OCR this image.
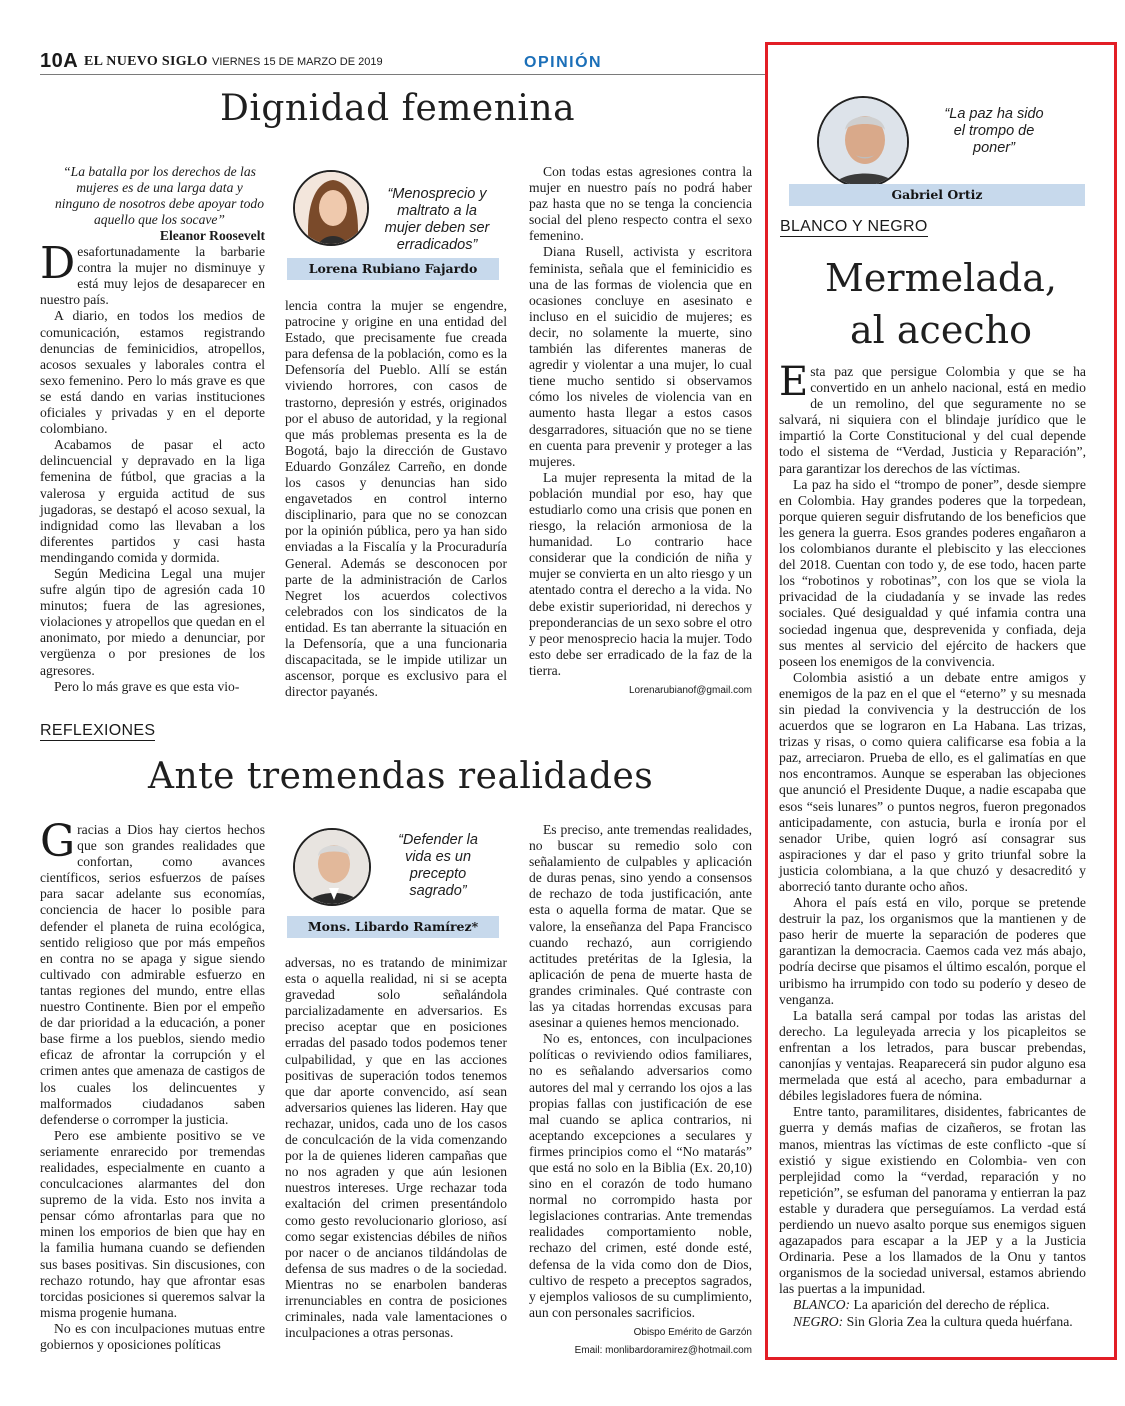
10A EL NUEVO SIGLO VIERNES 15 DE MARZO DE 2019	OPINIÓN
Dignidad femenina
“La batalla por los derechos de las mujeres es de una larga data y ninguno de nosotros debe apoyar todo aquello que los socave”
Eleanor Roosevelt

Desafortunadamente la barbarie contra la mujer no disminuye y está muy lejos de desaparecer en nuestro país.

A diario, en todos los medios de comunicación, estamos registrando denuncias de feminicidios, atropellos, acosos sexuales y laborales contra el sexo femenino. Pero lo más grave es que se está dando en varias instituciones oficiales y privadas y en el deporte colombiano.

Acabamos de pasar el acto delincuencial y depravado en la liga femenina de fútbol, que gracias a la valerosa y erguida actitud de sus jugadoras, se destapó el acoso sexual, la indignidad como las llevaban a los diferentes partidos y casi hasta mendingando comida y dormida.

Según Medicina Legal una mujer sufre algún tipo de agresión cada 10 minutos; fuera de las agresiones, violaciones y atropellos que quedan en el anonimato, por miedo a denunciar, por vergüenza o por presiones de los agresores.

Pero lo más grave es que esta vio-

“Menosprecio y maltrato a la mujer deben ser erradicados”
Lorena Rubiano Fajardo

lencia contra la mujer se engendre, patrocine y origine en una entidad del Estado, que precisamente fue creada para defensa de la población, como es la Defensoría del Pueblo. Allí se están viviendo horrores, con casos de trastorno, depresión y estrés, originados por el abuso de autoridad, y la regional que más problemas presenta es la de Bogotá, bajo la dirección de Gustavo Eduardo González Carreño, en donde los casos y denuncias han sido engavetados en control interno disciplinario, para que no se conozcan por la opinión pública, pero ya han sido enviadas a la Fiscalía y la Procuraduría General. Además se desconocen por parte de la administración de Carlos Negret los acuerdos colectivos celebrados con los sindicatos de la entidad. Es tan aberrante la situación en la Defensoría, que a una funcionaria discapacitada, se le impide utilizar un ascensor, porque es exclusivo para el director payanés.

Con todas estas agresiones contra la mujer en nuestro país no podrá haber paz hasta que no se tenga la conciencia social del pleno respecto contra el sexo femenino.

Diana Rusell, activista y escritora feminista, señala que el feminicidio es una de las formas de violencia que en ocasiones concluye en asesinato e incluso en el suicidio de mujeres; es decir, no solamente la muerte, sino también las diferentes maneras de agredir y violentar a una mujer, lo cual tiene mucho sentido si observamos cómo los niveles de violencia van en aumento hasta llegar a estos casos desgarradores, situación que no se tiene en cuenta para prevenir y proteger a las mujeres.

La mujer representa la mitad de la población mundial por eso, hay que estudiarlo como una crisis que ponen en riesgo, la relación armoniosa de la humanidad. Lo contrario hace considerar que la condición de niña y mujer se convierta en un alto riesgo y un atentado contra el derecho a la vida. No debe existir superioridad, ni derechos y preponderancias de un sexo sobre el otro y peor menosprecio hacia la mujer. Todo esto debe ser erradicado de la faz de la tierra.

Lorenarubianof@gmail.com
REFLEXIONES
Ante tremendas realidades

Gracias a Dios hay ciertos hechos que son grandes realidades que confortan, como avances científicos, serios esfuerzos de países para sacar adelante sus economías, conciencia de hacer lo posible para defender el planeta de ruina ecológica, sentido religioso que por más empeños en contra no se apaga y sigue siendo cultivado con admirable esfuerzo en tantas regiones del mundo, entre ellas nuestro Continente. Bien por el empeño de dar prioridad a la educación, a poner base firme a los pueblos, siendo medio eficaz de afrontar la corrupción y el crimen antes que amenaza de castigos de los cuales los delincuentes y malformados ciudadanos saben defenderse o corromper la justicia.

Pero ese ambiente positivo se ve seriamente enrarecido por tremendas realidades, especialmente en cuanto a conculcaciones alarmantes del don supremo de la vida. Esto nos invita a pensar cómo afrontarlas para que no minen los emporios de bien que hay en la familia humana cuando se defienden sus bases positivas. Sin discusiones, con rechazo rotundo, hay que afrontar esas torcidas posiciones si queremos salvar la misma progenie humana.

No es con inculpaciones mutuas entre gobiernos y oposiciones políticas

“Defender la vida es un precepto sagrado”
Mons. Libardo Ramírez*

adversas, no es tratando de minimizar esta o aquella realidad, ni si se acepta gravedad solo señalándola parcializadamente en adversarios. Es preciso aceptar que en posiciones erradas del pasado todos podemos tener culpabilidad, y que en las acciones positivas de superación todos tenemos que dar aporte convencido, así sean adversarios quienes las lideren. Hay que rechazar, unidos, cada uno de los casos de conculcación de la vida comenzando por la de quienes lideren campañas que no nos agraden y que aún lesionen nuestros intereses. Urge rechazar toda exaltación del crimen presentándolo como gesto revolucionario glorioso, así como segar existencias débiles de niños por nacer o de ancianos tildándolas de defensa de sus madres o de la sociedad. Mientras no se enarbolen banderas irrenunciables en contra de posiciones criminales, nada vale lamentaciones o inculpaciones a otras personas.

Es preciso, ante tremendas realidades, no buscar su remedio solo con señalamiento de culpables y aplicación de duras penas, sino yendo a consensos de rechazo de toda justificación, ante esta o aquella forma de matar. Que se valore, la enseñanza del Papa Francisco cuando rechazó, aun corrigiendo actitudes pretéritas de la Iglesia, la aplicación de pena de muerte hasta de grandes criminales. Qué contraste con las ya citadas horrendas excusas para asesinar a quienes hemos mencionado.

No es, entonces, con inculpaciones políticas o reviviendo odios familiares, no es señalando adversarios como autores del mal y cerrando los ojos a las propias fallas con justificación de ese mal cuando se aplica contrarios, ni aceptando excepciones a seculares y firmes principios como el “No matarás” que está no solo en la Biblia (Ex. 20,10) sino en el corazón de todo humano normal no corrompido hasta por legislaciones contrarias. Ante tremendas realidades comportamiento noble, rechazo del crimen, esté donde esté, defensa de la vida como don de Dios, cultivo de respeto a preceptos sagrados, y ejemplos valiosos de su cumplimiento, aun con personales sacrificios.

Obispo Emérito de Garzón
Email: monlibardoramirez@hotmail.com
“La paz ha sido el trompo de poner”
Gabriel Ortiz
BLANCO Y NEGRO
Mermelada,
al acecho

Esta paz que persigue Colombia y que se ha convertido en un anhelo nacional, está en medio de un remolino, del que seguramente no se salvará, ni siquiera con el blindaje jurídico que le impartió la Corte Constitucional y del cual depende todo el sistema de “Verdad, Justicia y Reparación”, para garantizar los derechos de las víctimas.

La paz ha sido el “trompo de poner”, desde siempre en Colombia. Hay grandes poderes que la torpedean, porque quieren seguir disfrutando de los beneficios que les genera la guerra. Esos grandes poderes engañaron a los colombianos durante el plebiscito y las elecciones del 2018. Cuentan con todo y, de ese todo, hacen parte los “robotinos y robotinas”, con los que se viola la privacidad de la ciudadanía y se invade las redes sociales. Qué desigualdad y qué infamia contra una sociedad ingenua que, desprevenida y confiada, deja sus mentes al servicio del ejército de hackers que poseen los enemigos de la convivencia.

Colombia asistió a un debate entre amigos y enemigos de la paz en el que el “eterno” y su mesnada sin piedad la convivencia y la destrucción de los acuerdos que se lograron en La Habana. Las trizas, trizas y risas, o como quiera calificarse esa fobia a la paz, arreciaron. Prueba de ello, es el galimatías en que nos encontramos. Aunque se esperaban las objeciones que anunció el Presidente Duque, a nadie escapaba que esos “seis lunares” o puntos negros, fueron pregonados anticipadamente, con astucia, burla e ironía por el senador Uribe, quien logró así consagrar sus aspiraciones y dar el paso y grito triunfal sobre la justicia colombiana, a la que chuzó y desacreditó y aborreció tanto durante ocho años.

Ahora el país está en vilo, porque se pretende destruir la paz, los organismos que la mantienen y de paso herir de muerte la separación de poderes que garantizan la democracia. Caemos cada vez más abajo, podría decirse que pisamos el último escalón, porque el uribismo ha irrumpido con todo su poderío y deseo de venganza.

La batalla será campal por todas las aristas del derecho. La leguleyada arrecia y los picapleitos se enfrentan a los letrados, para buscar prebendas, canonjías y ventajas. Reaparecerá sin pudor alguno esa mermelada que está al acecho, para embadurnar a débiles legisladores fuera de nómina.

Entre tanto, paramilitares, disidentes, fabricantes de guerra y demás mafias de cizañeros, se frotan las manos, mientras las víctimas de este conflicto -que sí existió y sigue existiendo en Colombia- ven con perplejidad como la “verdad, reparación y no repetición”, se esfuman del panorama y entierran la paz estable y duradera que perseguíamos. La verdad está perdiendo un nuevo asalto porque sus enemigos siguen agazapados para escapar a la JEP y a la Justicia Ordinaria. Pese a los llamados de la Onu y tantos organismos de la sociedad universal, estamos abriendo las puertas a la impunidad.

BLANCO: La aparición del derecho de réplica.

NEGRO: Sin Gloria Zea la cultura queda huérfana.
